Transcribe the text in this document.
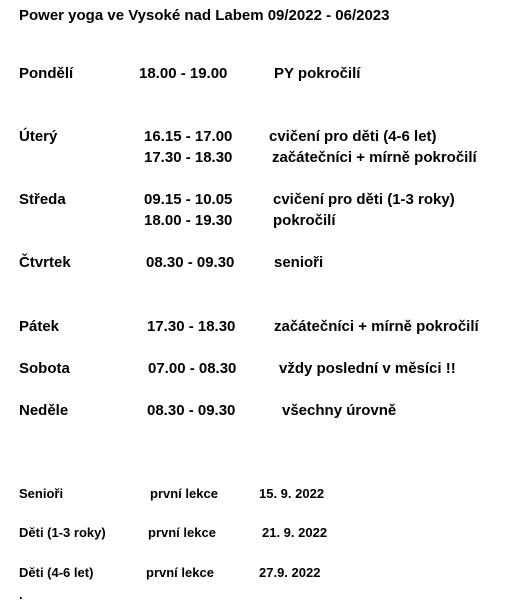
Power yoga ve Vysoké nad Labem 09/2022 - 06/2023
Pondělí	18.00 - 19.00	PY pokročilí
Úterý	16.15 - 17.00 cvičení pro děti (4-6 let)
17.30 - 18.30	začátečníci + mírně pokročilí
Středa	09.15 - 10.05	cvičení pro děti (1-3 roky)
18.00 - 19.30	pokročilí
Čtvrtek	08.30 - 09.30	senioři
Pátek	17.30 - 18.30	začátečníci + mírně pokročilí
Sobota	07.00 - 08.30	vždy poslední v měsíci !!
Neděle	08.30 - 09.30	všechny úrovně
Senioři	první lekce	15. 9. 2022
Děti (1-3 roky)	první lekce	21. 9. 2022
Děti (4-6 let)	první lekce	27.9. 2022
.
